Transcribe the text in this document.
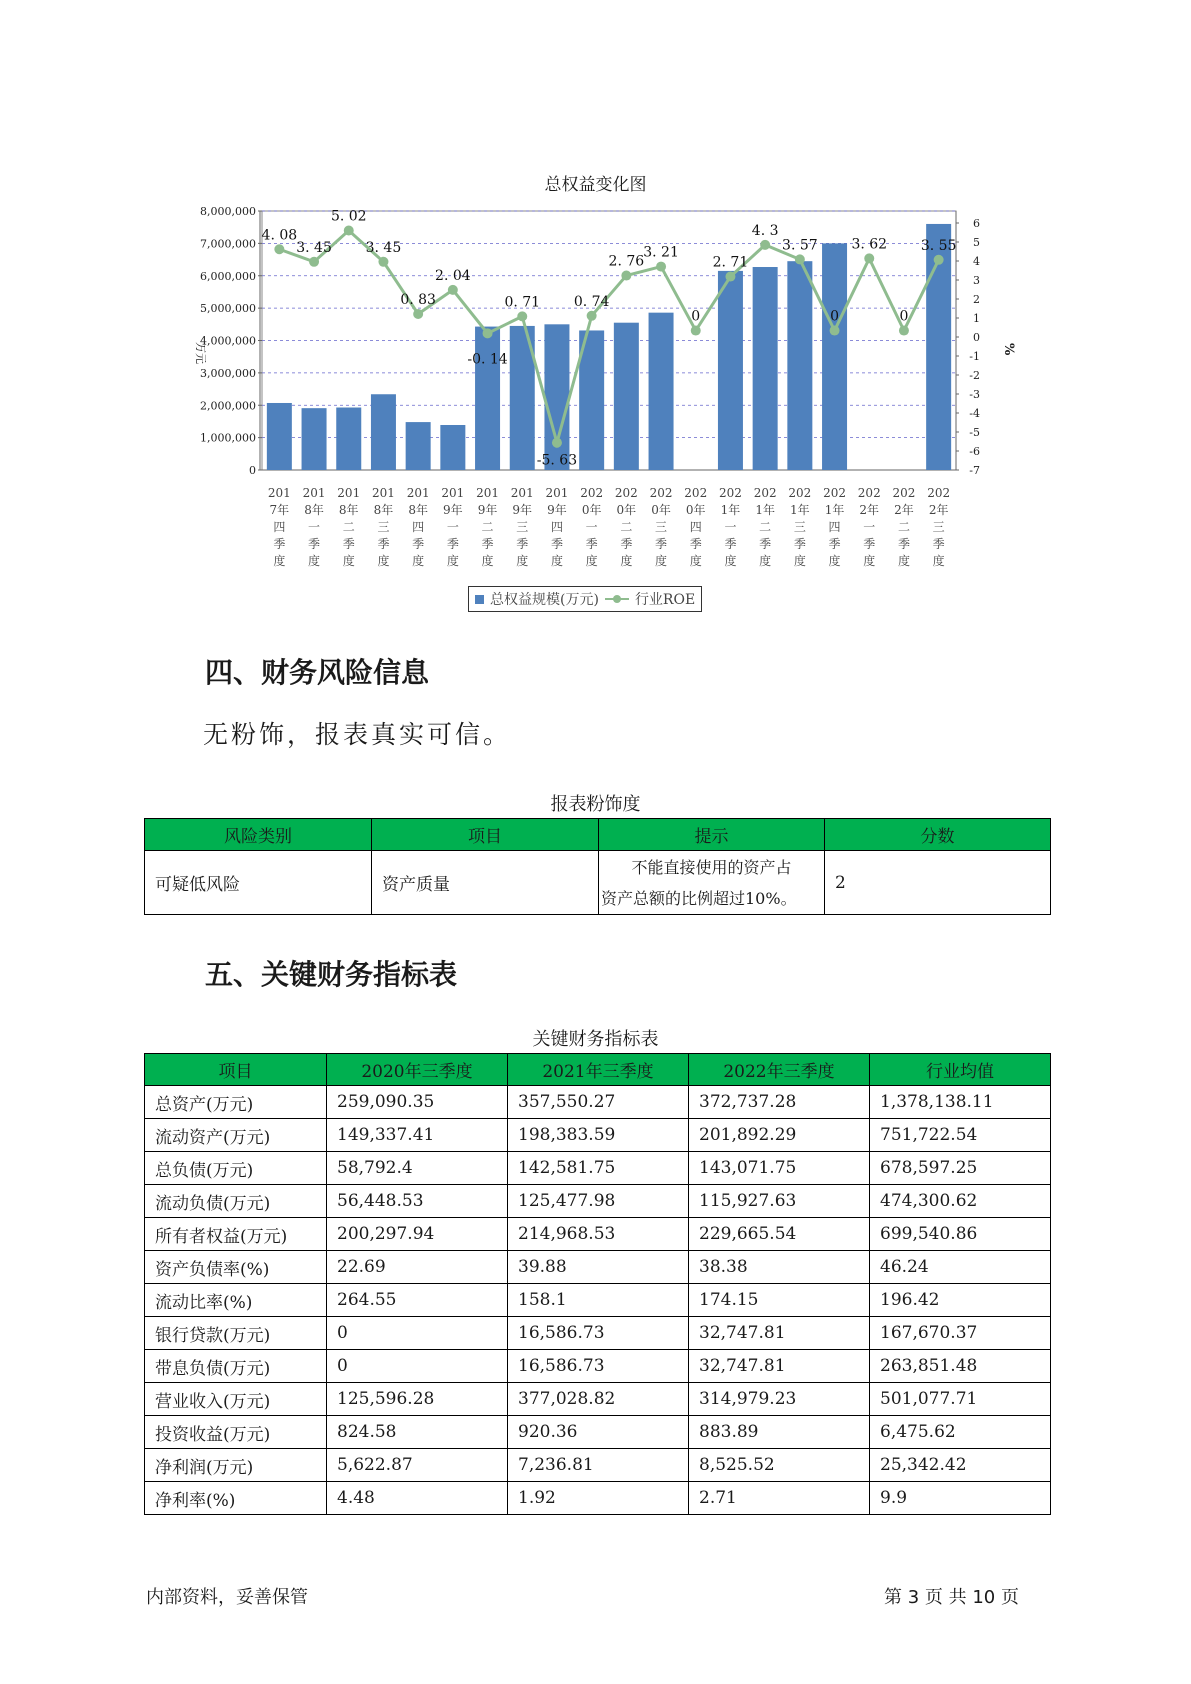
总权益变化图
万元	%
8,000,000
7,000,000
6,000,000
5,000,000
4,000,000
3,000,000
2,000,000
1,000,000
0
6
5
4
3
2
1
0
-1
-2
-3
-4
-5
-6
-7
4. 08
3. 45
5. 02
3. 45
0. 83
2. 04
-0. 14
0. 71
-5. 63
0. 74
2. 76
3. 21
0
2. 71
4. 3
3. 57
0
3. 62
0
3. 55
201
7年
四
季
度
201
8年
一
季
度
201
8年
二
季
度
201
8年
三
季
度
201
8年
四
季
度
201
9年
一
季
度
201
9年
二
季
度
201
9年
三
季
度
201
9年
四
季
度
202
0年
一
季
度
202
0年
二
季
度
202
0年
三
季
度
202
0年
四
季
度
202
1年
一
季
度
202
1年
二
季
度
202
1年
三
季
度
202
1年
四
季
度
202
2年
一
季
度
202
2年
二
季
度
202
2年
三
季
度
总权益规模(万元)	行业ROE
四、财务风险信息
无粉饰，报表真实可信。
报表粉饰度
风险类别	项目	提示	分数
可疑低风险	资产质量	不能直接使用的资产占
资产总额的比例超过10%。	2
五、关键财务指标表
关键财务指标表
项目	2020年三季度	2021年三季度	2022年三季度	行业均值
总资产(万元)	259,090.35	357,550.27	372,737.28	1,378,138.11
流动资产(万元)	149,337.41	198,383.59	201,892.29	751,722.54
总负债(万元)	58,792.4	142,581.75	143,071.75	678,597.25
流动负债(万元)	56,448.53	125,477.98	115,927.63	474,300.62
所有者权益(万元)	200,297.94	214,968.53	229,665.54	699,540.86
资产负债率(%)	22.69	39.88	38.38	46.24
流动比率(%)	264.55	158.1	174.15	196.42
银行贷款(万元)	0	16,586.73	32,747.81	167,670.37
带息负债(万元)	0	16,586.73	32,747.81	263,851.48
营业收入(万元)	125,596.28	377,028.82	314,979.23	501,077.71
投资收益(万元)	824.58	920.36	883.89	6,475.62
净利润(万元)	5,622.87	7,236.81	8,525.52	25,342.42
净利率(%)	4.48	1.92	2.71	9.9
内部资料，妥善保管	第 3 页 共 10 页
